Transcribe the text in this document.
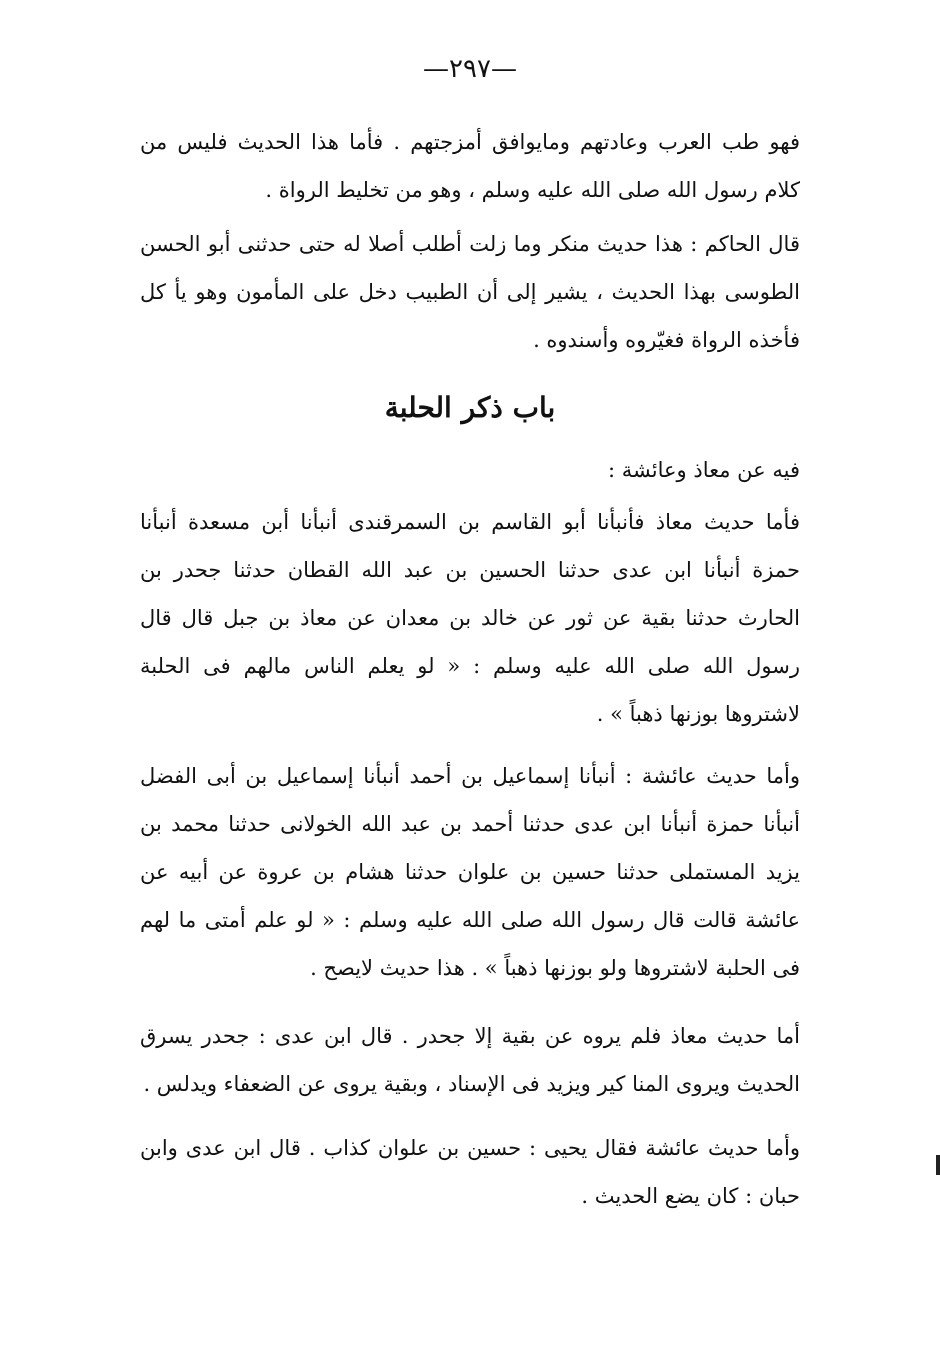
—٢٩٧—

فهو طب العرب وعادتهم ومايوافق أمزجتهم . فأما هذا الحديث فليس من كلام رسول الله صلى الله عليه وسلم ، وهو من تخليط الرواة .

قال الحاكم : هذا حديث منكر وما زلت أطلب أصلا له حتى حدثنى أبو الحسن الطوسى بهذا الحديث ، يشير إلى أن الطبيب دخل على المأمون وهو يأ كل فأخذه الرواة فغيّروه وأسندوه .

باب ذكر الحلبة

فيه عن معاذ وعائشة :

فأما حديث معاذ فأنبأنا أبو القاسم بن السمرقندى أنبأنا أبن مسعدة أنبأنا حمزة أنبأنا ابن عدى حدثنا الحسين بن عبد الله القطان حدثنا جحدر بن الحارث حدثنا بقية عن ثور عن خالد بن معدان عن معاذ بن جبل قال قال رسول الله صلى الله عليه وسلم : « لو يعلم الناس مالهم فى الحلبة لاشتروها بوزنها ذهباً » .

وأما حديث عائشة : أنبأنا إسماعيل بن أحمد أنبأنا إسماعيل بن أبى الفضل أنبأنا حمزة أنبأنا ابن عدى حدثنا أحمد بن عبد الله الخولانى حدثنا محمد بن يزيد المستملى حدثنا حسين بن علوان حدثنا هشام بن عروة عن أبيه عن عائشة قالت قال رسول الله صلى الله عليه وسلم : « لو علم أمتى ما لهم فى الحلبة لاشتروها ولو بوزنها ذهباً » . هذا حديث لايصح .

أما حديث معاذ فلم يروه عن بقية إلا جحدر . قال ابن عدى : جحدر يسرق الحديث ويروى المنا كير ويزيد فى الإسناد ، وبقية يروى عن الضعفاء ويدلس .

وأما حديث عائشة فقال يحيى : حسين بن علوان كذاب . قال ابن عدى وابن حبان : كان يضع الحديث .
